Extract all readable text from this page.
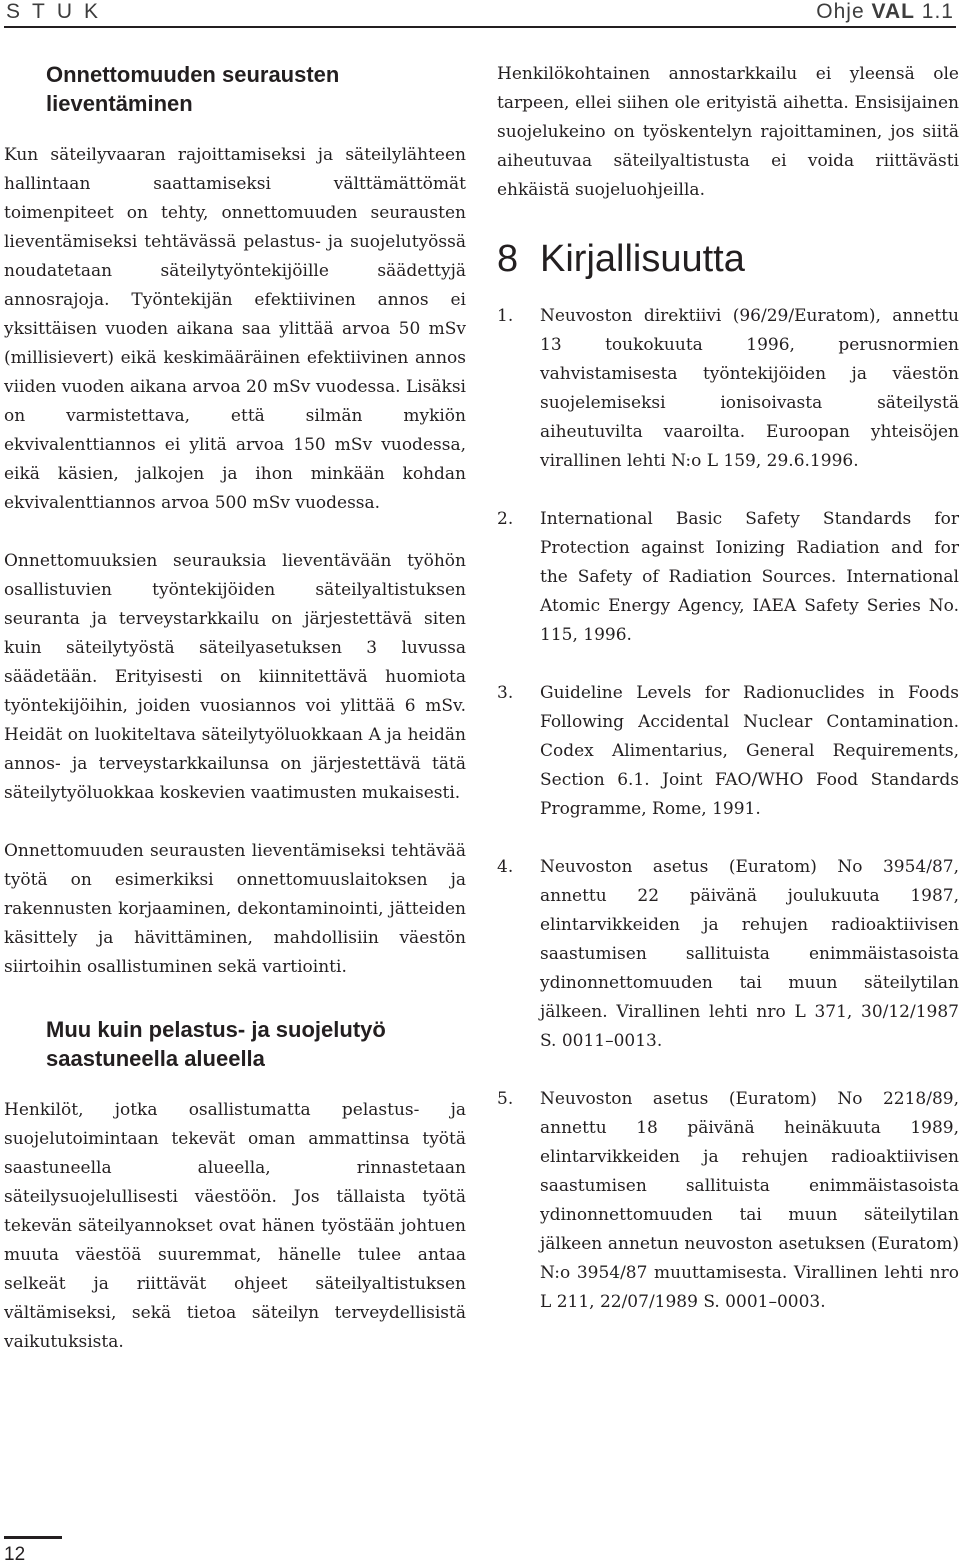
STUK	Ohje VAL 1.1
Onnettomuuden seurausten lieventäminen

Kun säteilyvaaran rajoittamiseksi ja säteilylähteen hallintaan saattamiseksi välttämättömät toimenpiteet on tehty, onnettomuuden seurausten lieventämiseksi tehtävässä pelastus- ja suojelutyössä noudatetaan säteilytyöntekijöille säädettyjä annosrajoja. Työntekijän efektiivinen annos ei yksittäisen vuoden aikana saa ylittää arvoa 50 mSv (millisievert) eikä keskimääräinen efektiivinen annos viiden vuoden aikana arvoa 20 mSv vuodessa. Lisäksi on varmistettava, että silmän mykiön ekvivalenttiannos ei ylitä arvoa 150 mSv vuodessa, eikä käsien, jalkojen ja ihon minkään kohdan ekvivalenttiannos arvoa 500 mSv vuodessa.

Onnettomuuksien seurauksia lieventävään työhön osallistuvien työntekijöiden säteilyaltistuksen seuranta ja terveystarkkailu on järjestettävä siten kuin säteilytyöstä säteilyasetuksen 3 luvussa säädetään. Erityisesti on kiinnitettävä huomiota työntekijöihin, joiden vuosiannos voi ylittää 6 mSv. Heidät on luokiteltava säteilytyöluokkaan A ja heidän annos- ja terveystarkkailunsa on järjestettävä tätä säteilytyöluokkaa koskevien vaatimusten mukaisesti.

Onnettomuuden seurausten lieventämiseksi tehtävää työtä on esimerkiksi onnettomuuslaitoksen ja rakennusten korjaaminen, dekontaminointi, jätteiden käsittely ja hävittäminen, mahdollisiin väestön siirtoihin osallistuminen sekä vartiointi.

Muu kuin pelastus- ja suojelutyö saastuneella alueella

Henkilöt, jotka osallistumatta pelastus- ja suojelutoimintaan tekevät oman ammattinsa työtä saastuneella alueella, rinnastetaan säteilysuojelullisesti väestöön. Jos tällaista työtä tekevän säteilyannokset ovat hänen työstään johtuen muuta väestöä suuremmat, hänelle tulee antaa selkeät ja riittävät ohjeet säteilyaltistuksen vältämiseksi, sekä tietoa säteilyn terveydellisistä vaikutuksista.

Henkilökohtainen annostarkkailu ei yleensä ole tarpeen, ellei siihen ole erityistä aihetta. Ensisijainen suojelukeino on työskentelyn rajoittaminen, jos siitä aiheutuvaa säteilyaltistusta ei voida riittävästi ehkäistä suojeluohjeilla.

8 Kirjallisuutta
1. Neuvoston direktiivi (96/29/Euratom), annettu 13 toukokuuta 1996, perusnormien vahvistamisesta työntekijöiden ja väestön suojelemiseksi ionisoivasta säteilystä aiheutuvilta vaaroilta. Euroopan yhteisöjen virallinen lehti N:o L 159, 29.6.1996.
2. International Basic Safety Standards for Protection against Ionizing Radiation and for the Safety of Radiation Sources. International Atomic Energy Agency, IAEA Safety Series No. 115, 1996.
3. Guideline Levels for Radionuclides in Foods Following Accidental Nuclear Contamination. Codex Alimentarius, General Requirements, Section 6.1. Joint FAO/WHO Food Standards Programme, Rome, 1991.
4. Neuvoston asetus (Euratom) No 3954/87, annettu 22 päivänä joulukuuta 1987, elintarvikkeiden ja rehujen radioaktiivisen saastumisen sallituista enimmäistasoista ydinonnettomuuden tai muun säteilytilan jälkeen. Virallinen lehti nro L 371, 30/12/1987 S. 0011–0013.
5. Neuvoston asetus (Euratom) No 2218/89, annettu 18 päivänä heinäkuuta 1989, elintarvikkeiden ja rehujen radioaktiivisen saastumisen sallituista enimmäistasoista ydinonnettomuuden tai muun säteilytilan jälkeen annetun neuvoston asetuksen (Euratom) N:o 3954/87 muuttamisesta. Virallinen lehti nro L 211, 22/07/1989 S. 0001–0003.
12
